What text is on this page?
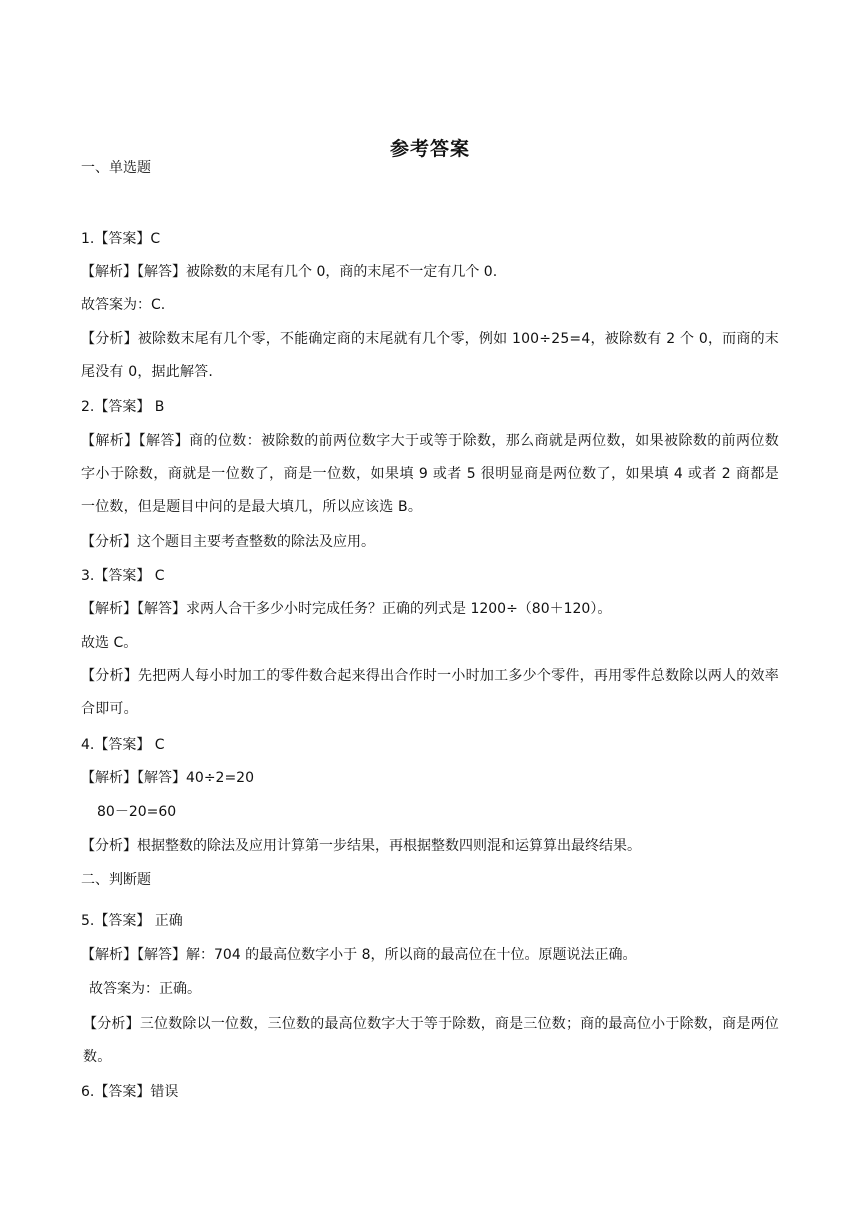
参考答案
一、单选题
1.【答案】C
【解析】【解答】被除数的末尾有几个 0，商的末尾不一定有几个 0.
故答案为：C.
【分析】被除数末尾有几个零，不能确定商的末尾就有几个零，例如 100÷25=4，被除数有 2 个 0，而商的末尾没有 0，据此解答.
2.【答案】 B
【解析】【解答】商的位数：被除数的前两位数字大于或等于除数，那么商就是两位数，如果被除数的前两位数字小于除数，商就是一位数了，商是一位数，如果填 9 或者 5 很明显商是两位数了，如果填 4 或者 2 商都是一位数，但是题目中问的是最大填几，所以应该选 B。
【分析】这个题目主要考查整数的除法及应用。
3.【答案】 C
【解析】【解答】求两人合干多少小时完成任务？正确的列式是 1200÷（80＋120）。
故选 C。
【分析】先把两人每小时加工的零件数合起来得出合作时一小时加工多少个零件，再用零件总数除以两人的效率合即可。
4.【答案】 C
【解析】【解答】40÷2=20
80－20=60
【分析】根据整数的除法及应用计算第一步结果，再根据整数四则混和运算算出最终结果。
二、判断题
5.【答案】 正确
【解析】【解答】解：704 的最高位数字小于 8，所以商的最高位在十位。原题说法正确。
故答案为：正确。
【分析】三位数除以一位数，三位数的最高位数字大于等于除数，商是三位数；商的最高位小于除数，商是两位数。
6.【答案】错误
